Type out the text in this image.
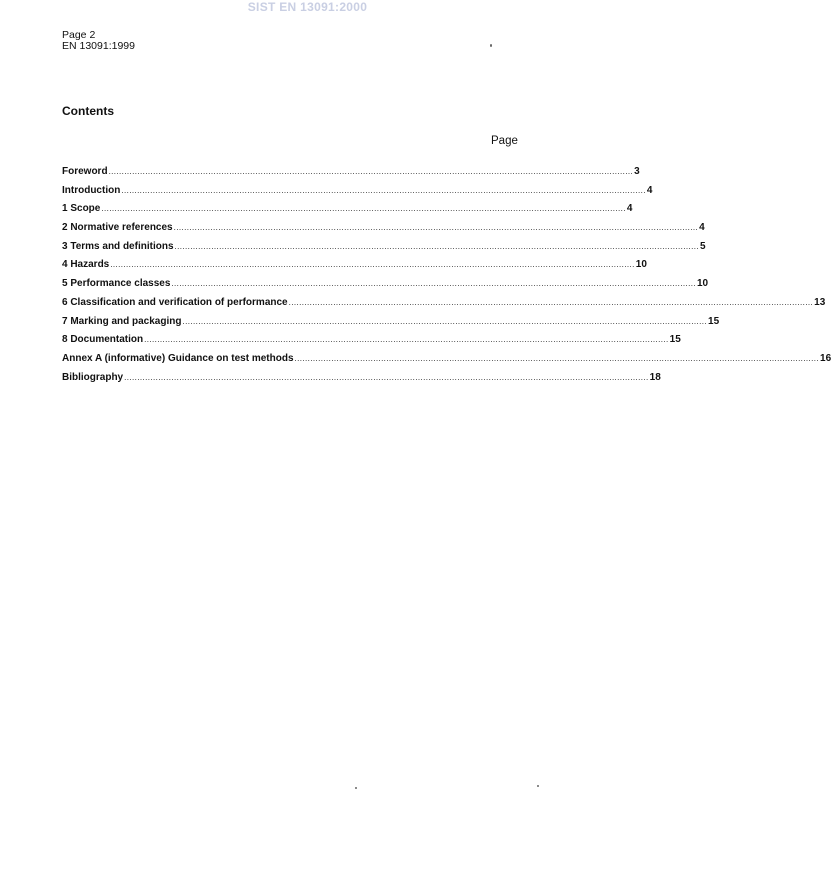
SIST EN 13091:2000
Page 2
EN 13091:1999
Contents
Page
Foreword ........................................................................................................................................................................................................ 3
Introduction ........................................................................................................................................................................................................ 4
1 Scope ........................................................................................................................................................................................................ 4
2 Normative references ........................................................................................................................................................................................................ 4
3 Terms and definitions ........................................................................................................................................................................................................ 5
4 Hazards ........................................................................................................................................................................................................ 10
5 Performance classes ........................................................................................................................................................................................................ 10
6 Classification and verification of performance ........................................................................................................................................................................................................ 13
7 Marking and packaging ........................................................................................................................................................................................................ 15
8 Documentation ........................................................................................................................................................................................................ 15
Annex A (informative) Guidance on test methods ........................................................................................................................................................................................................ 16
Bibliography ........................................................................................................................................................................................................ 18
